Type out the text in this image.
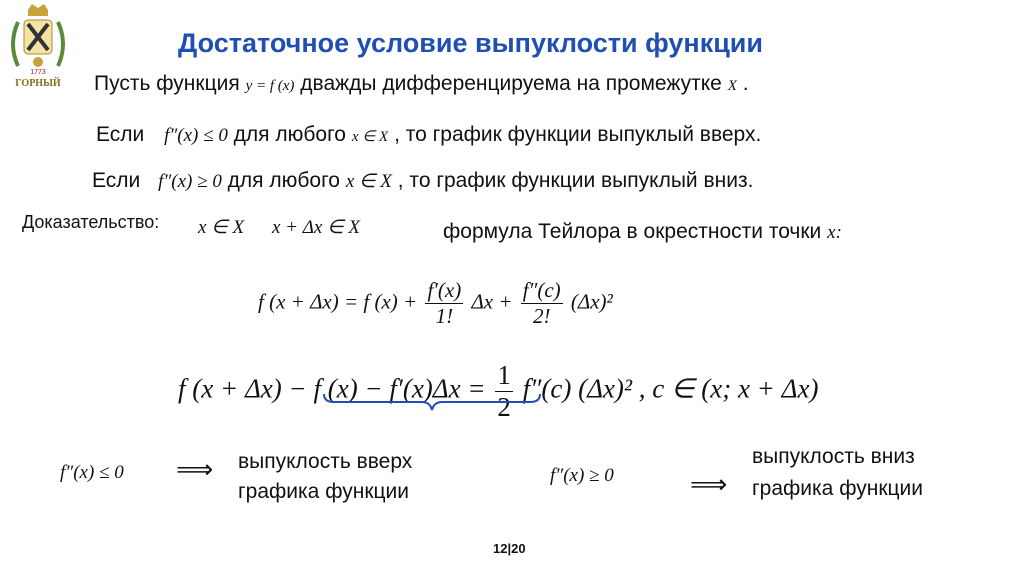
1773
ГОРНЫЙ
Достаточное условие выпуклости функции
Пусть функция y = f (x) дважды дифференцируема на промежутке X .
Если f″(x) ≤ 0 для любого x ∈ X , то график функции выпуклый вверх.
Если f″(x) ≥ 0 для любого x ∈ X , то график функции выпуклый вниз.
Доказательство: x ∈ X x + Δx ∈ X	формула Тейлора в окрестности точки x:
f (x + Δx) = f $(x) + \frac{f'(x)}{1!}$ $\Delta x + \frac{f''(c)}{2!} (\Delta x)^2$
f (x + Δx) − f $(x) - f'(x)\Delta x = \frac{1}{2} f''(c)$ (Δx)² , c ∈ (x; x + Δx)
f″(x) ≤ 0 ⟹ выпуклость вверх
графика функции
f″(x) ≥ 0	⟹
выпуклость вниз
графика функции
12|20
